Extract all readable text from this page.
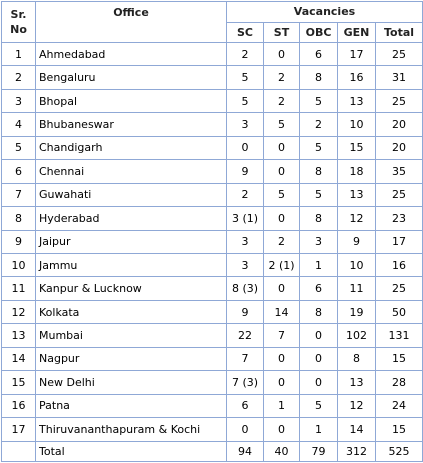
Sr. No	Office	Vacancies				
		SC	ST	OBC	GEN	Total
1	Ahmedabad	2	0	6	17	25
2	Bengaluru	5	2	8	16	31
3	Bhopal	5	2	5	13	25
4	Bhubaneswar	3	5	2	10	20
5	Chandigarh	0	0	5	15	20
6	Chennai	9	0	8	18	35
7	Guwahati	2	5	5	13	25
8	Hyderabad	3 (1)	0	8	12	23
9	Jaipur	3	2	3	9	17
10	Jammu	3	2 (1)	1	10	16
11	Kanpur & Lucknow	8 (3)	0	6	11	25
12	Kolkata	9	14	8	19	50
13	Mumbai	22	7	0	102	131
14	Nagpur	7	0	0	8	15
15	New Delhi	7 (3)	0	0	13	28
16	Patna	6	1	5	12	24
17	Thiruvananthapuram & Kochi	0	0	1	14	15
	Total	94	40	79	312	525
